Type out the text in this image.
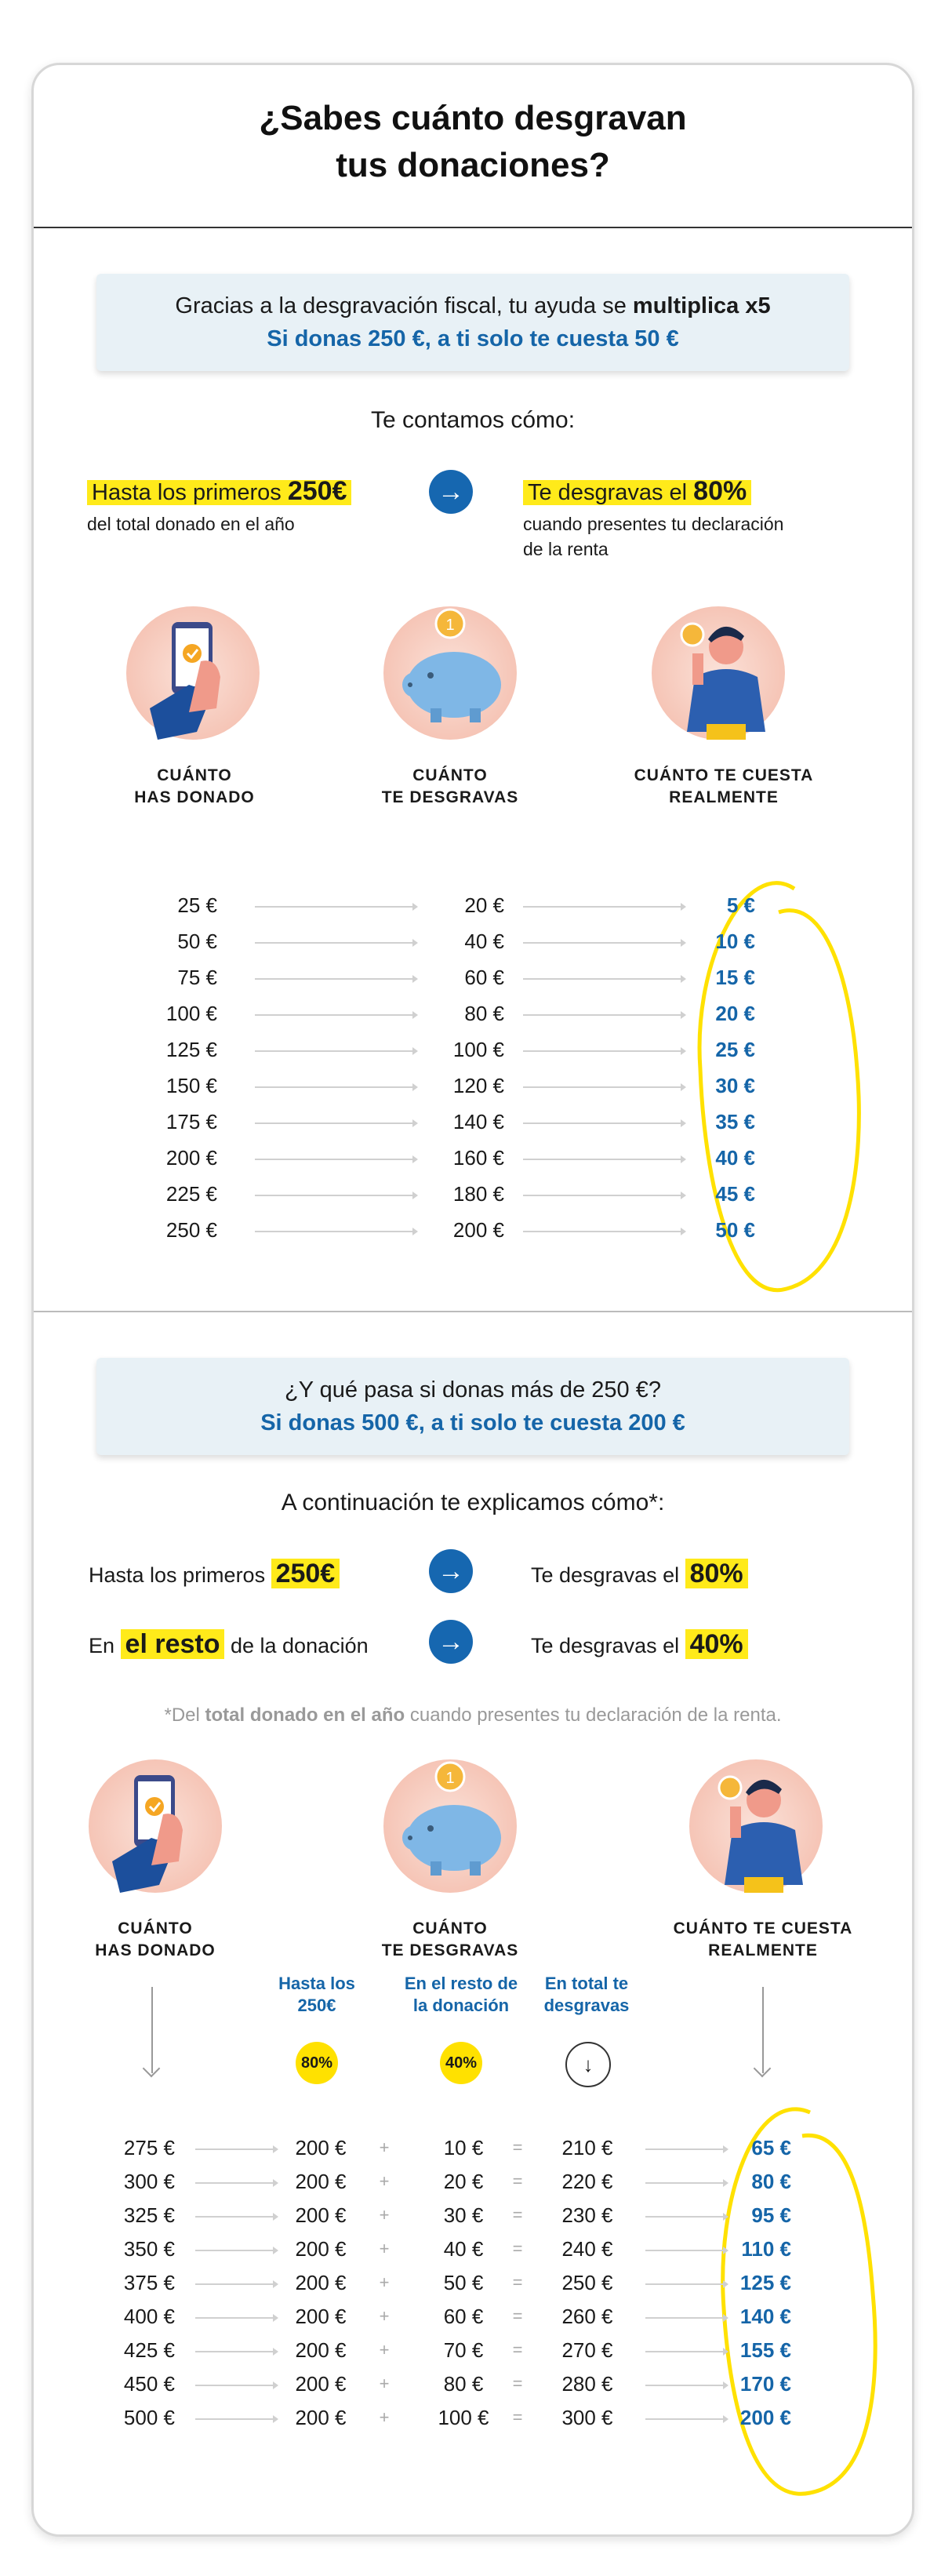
¿Sabes cuánto desgravan
tus donaciones?
Gracias a la desgravación fiscal, tu ayuda se multiplica x5
Si donas 250 €, a ti solo te cuesta 50 €
Te contamos cómo:
Hasta los primeros 250€
del total donado en el año
→	Te desgravas el 80%
cuando presentes tu declaración
de la renta
1
CUÁNTO
HAS DONADO
CUÁNTO
TE DESGRAVAS
CUÁNTO TE CUESTA
REALMENTE
¿Y qué pasa si donas más de 250 €?
Si donas 500 €, a ti solo te cuesta 200 €
A continuación te explicamos cómo*:
Hasta los primeros 250€	→	Te desgravas el 80%
En el resto de la donación	→	Te desgravas el 40%
*Del total donado en el año cuando presentes tu declaración de la renta.
1
CUÁNTO
HAS DONADO
CUÁNTO
TE DESGRAVAS
CUÁNTO TE CUESTA
REALMENTE
Hasta los
250€
En el resto de
la donación
En total te
desgravas
80%	40%	↓
25 €	20 €	5 €
50 €	40 €	10 €
75 €	60 €	15 €
100 €	80 €	20 €
125 €	100 €	25 €
150 €	120 €	30 €
175 €	140 €	35 €
200 €	160 €	40 €
225 €	180 €	45 €
250 €	200 €	50 €
275 €	200 €	+	10 €	=	210 €	65 €
300 €	200 €	+	20 €	=	220 €	80 €
325 €	200 €	+	30 €	=	230 €	95 €
350 €	200 €	+	40 €	=	240 €	110 €
375 €	200 €	+	50 €	=	250 €	125 €
400 €	200 €	+	60 €	=	260 €	140 €
425 €	200 €	+	70 €	=	270 €	155 €
450 €	200 €	+	80 €	=	280 €	170 €
500 €	200 €	+	100 €	=	300 €	200 €
